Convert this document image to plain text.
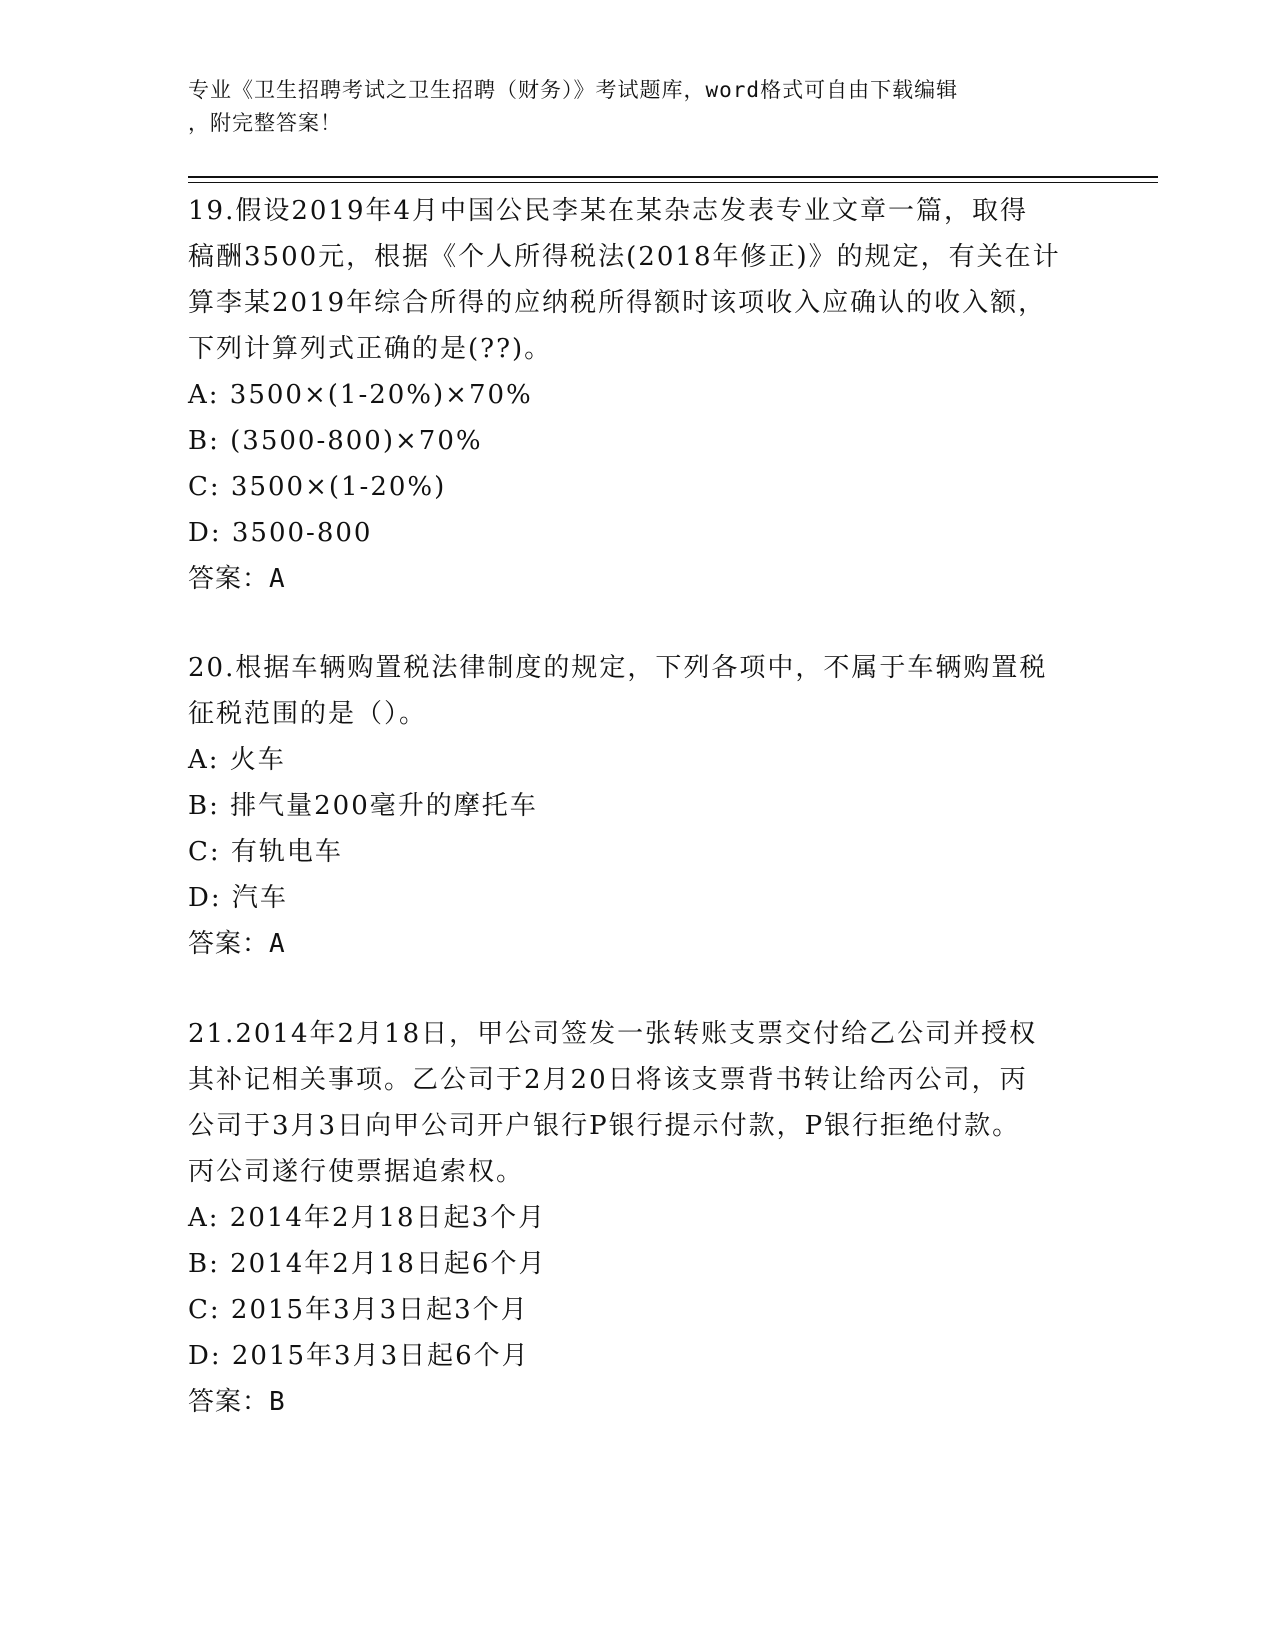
专业《卫生招聘考试之卫生招聘（财务）》考试题库，word格式可自由下载编辑
，附完整答案！
19.假设2019年4月中国公民李某在某杂志发表专业文章一篇，取得
稿酬3500元，根据《个人所得税法(2018年修正)》的规定，有关在计
算李某2019年综合所得的应纳税所得额时该项收入应确认的收入额，
下列计算列式正确的是(??)。
A: 3500×(1-20%)×70%
B: (3500-800)×70%
C: 3500×(1-20%)
D: 3500-800
答案：A
20.根据车辆购置税法律制度的规定，下列各项中，不属于车辆购置税
征税范围的是（）。
A: 火车
B: 排气量200毫升的摩托车
C: 有轨电车
D: 汽车
答案：A
21.2014年2月18日，甲公司签发一张转账支票交付给乙公司并授权
其补记相关事项。乙公司于2月20日将该支票背书转让给丙公司，丙
公司于3月3日向甲公司开户银行P银行提示付款，P银行拒绝付款。
丙公司遂行使票据追索权。
A: 2014年2月18日起3个月
B: 2014年2月18日起6个月
C: 2015年3月3日起3个月
D: 2015年3月3日起6个月
答案：B
